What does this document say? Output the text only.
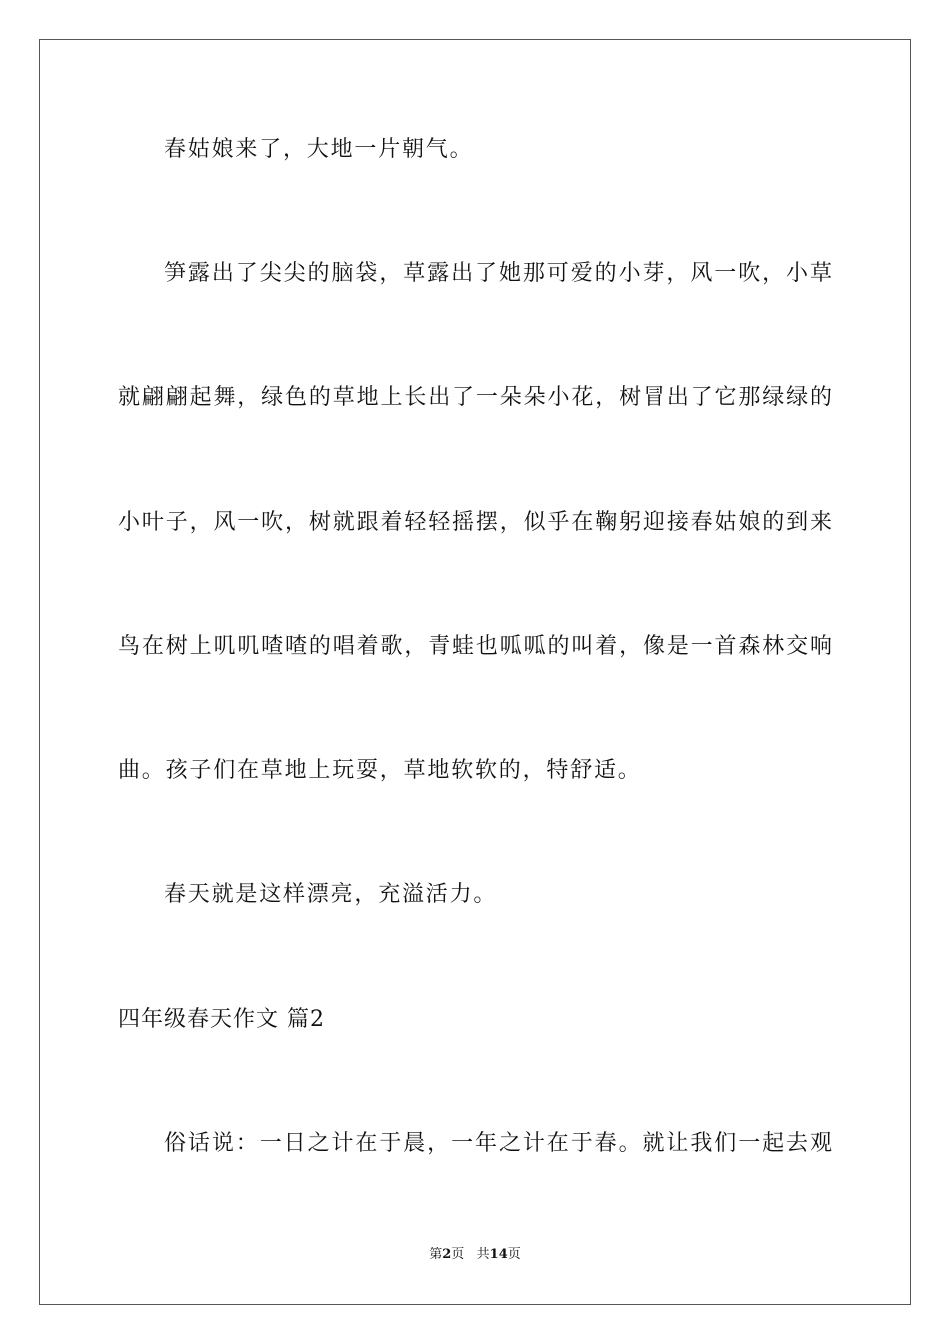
春姑娘来了，大地一片朝气。
笋露出了尖尖的脑袋，草露出了她那可爱的小芽，风一吹，小草
就翩翩起舞，绿色的草地上长出了一朵朵小花，树冒出了它那绿绿的
小叶子，风一吹，树就跟着轻轻摇摆，似乎在鞠躬迎接春姑娘的到来
鸟在树上叽叽喳喳的唱着歌，青蛙也呱呱的叫着，像是一首森林交响
曲。孩子们在草地上玩耍，草地软软的，特舒适。
春天就是这样漂亮，充溢活力。
四年级春天作文 篇2
俗话说：一日之计在于晨，一年之计在于春。就让我们一起去观
第2页   共14页
